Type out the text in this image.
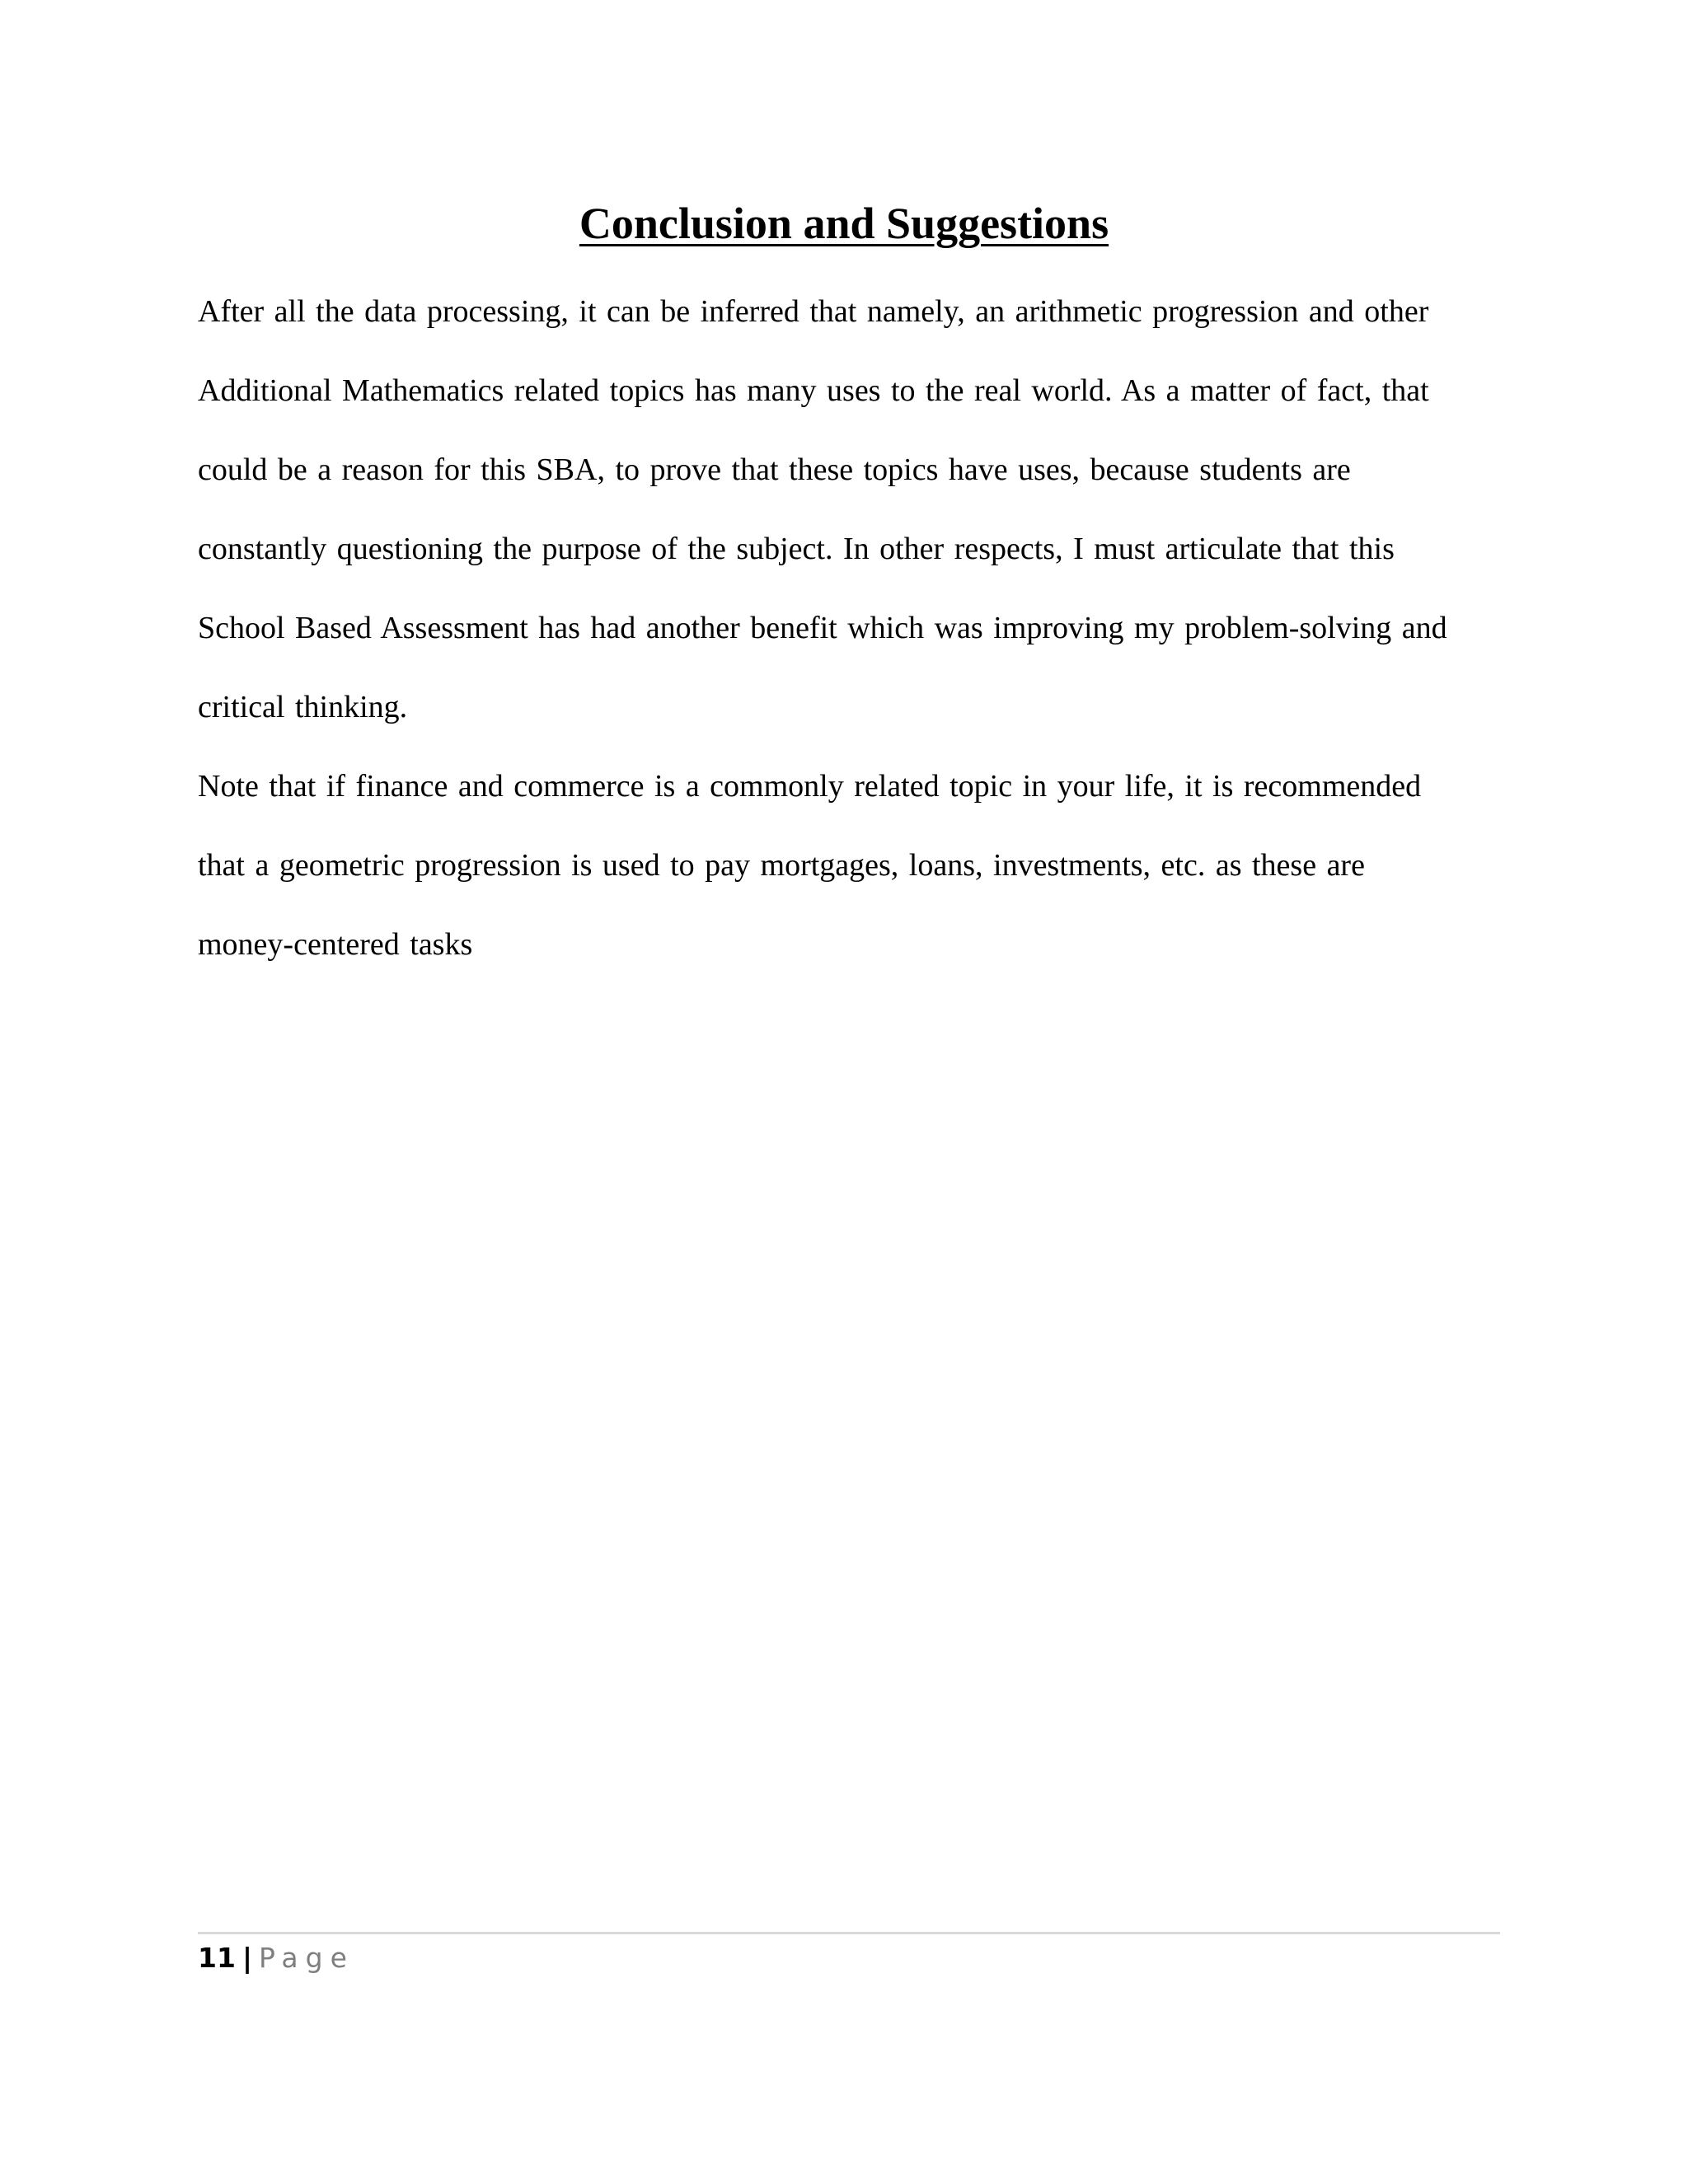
Conclusion and Suggestions

After all the data processing, it can be inferred that namely, an arithmetic progression and other

Additional Mathematics related topics has many uses to the real world. As a matter of fact, that

could be a reason for this SBA, to prove that these topics have uses, because students are

constantly questioning the purpose of the subject. In other respects, I must articulate that this

School Based Assessment has had another benefit which was improving my problem-solving and

critical thinking.

Note that if finance and commerce is a commonly related topic in your life, it is recommended

that a geometric progression is used to pay mortgages, loans, investments, etc. as these are

money-centered tasks

11 | Page
